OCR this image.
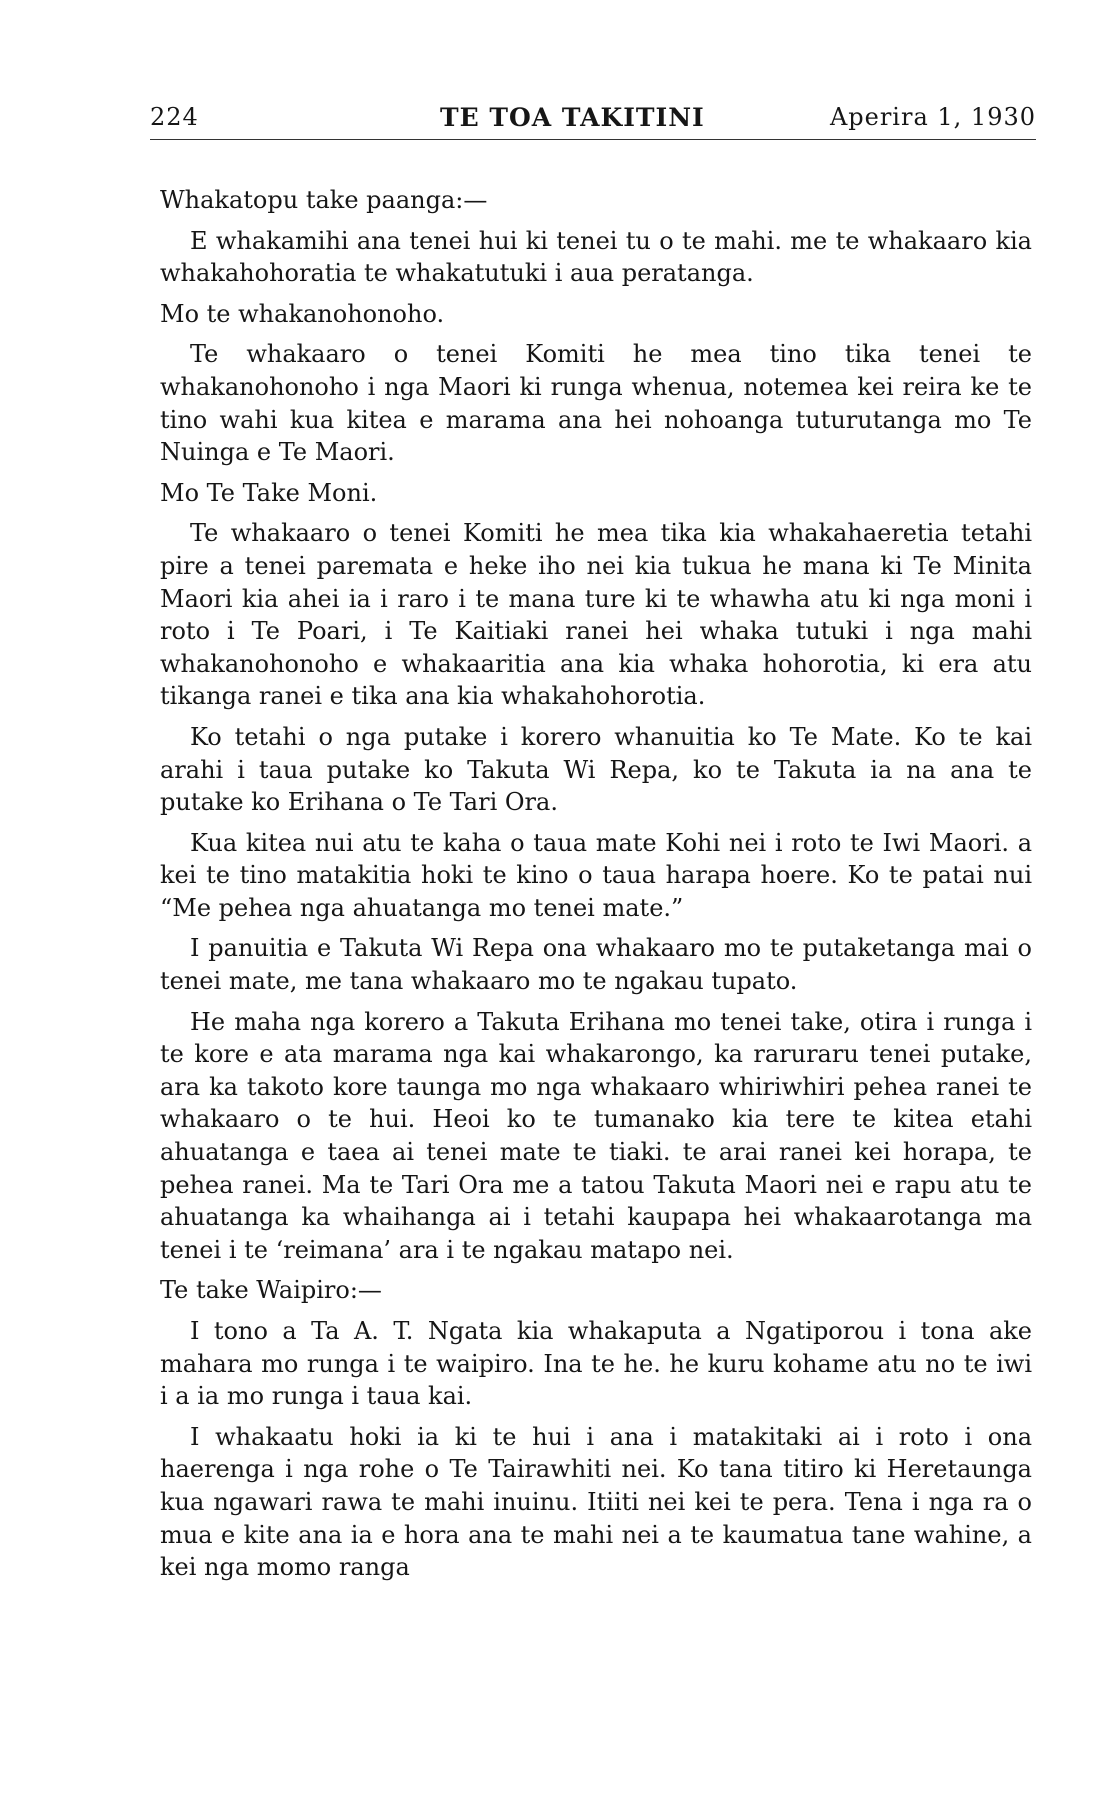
224	TE TOA TAKITINI	Aperira 1, 1930

Whakatopu take paanga:—

E whakamihi ana tenei hui ki tenei tu o te mahi. me te whakaaro kia whakahohoratia te whakatutuki i aua peratanga.

Mo te whakanohonoho.

Te whakaaro o tenei Komiti he mea tino tika tenei te whakanohonoho i nga Maori ki runga whenua, notemea kei reira ke te tino wahi kua kitea e marama ana hei nohoanga tuturutanga mo Te Nuinga e Te Maori.

Mo Te Take Moni.

Te whakaaro o tenei Komiti he mea tika kia whakahaeretia tetahi pire a tenei paremata e heke iho nei kia tukua he mana ki Te Minita Maori kia ahei ia i raro i te mana ture ki te whawha atu ki nga moni i roto i Te Poari, i Te Kaitiaki ranei hei whaka tutuki i nga mahi whakanohonoho e whakaaritia ana kia whaka hohorotia, ki era atu tikanga ranei e tika ana kia whakahohorotia.

Ko tetahi o nga putake i korero whanuitia ko Te Mate. Ko te kai arahi i taua putake ko Takuta Wi Repa, ko te Takuta ia na ana te putake ko Erihana o Te Tari Ora.

Kua kitea nui atu te kaha o taua mate Kohi nei i roto te Iwi Maori. a kei te tino matakitia hoki te kino o taua harapa hoere. Ko te patai nui “Me pehea nga ahuatanga mo tenei mate.”

I panuitia e Takuta Wi Repa ona whakaaro mo te putaketanga mai o tenei mate, me tana whakaaro mo te ngakau tupato.

He maha nga korero a Takuta Erihana mo tenei take, otira i runga i te kore e ata marama nga kai whakarongo, ka raruraru tenei putake, ara ka takoto kore taunga mo nga whakaaro whiriwhiri pehea ranei te whakaaro o te hui. Heoi ko te tumanako kia tere te kitea etahi ahuatanga e taea ai tenei mate te tiaki. te arai ranei kei horapa, te pehea ranei. Ma te Tari Ora me a tatou Takuta Maori nei e rapu atu te ahuatanga ka whaihanga ai i tetahi kaupapa hei whakaarotanga ma tenei i te ‘reimana’ ara i te ngakau matapo nei.

Te take Waipiro:—

I tono a Ta A. T. Ngata kia whakaputa a Ngatiporou i tona ake mahara mo runga i te waipiro. Ina te he. he kuru kohame atu no te iwi i a ia mo runga i taua kai.

I whakaatu hoki ia ki te hui i ana i matakitaki ai i roto i ona haerenga i nga rohe o Te Tairawhiti nei. Ko tana titiro ki Heretaunga kua ngawari rawa te mahi inuinu. Itiiti nei kei te pera. Tena i nga ra o mua e kite ana ia e hora ana te mahi nei a te kaumatua tane wahine, a kei nga momo ranga
